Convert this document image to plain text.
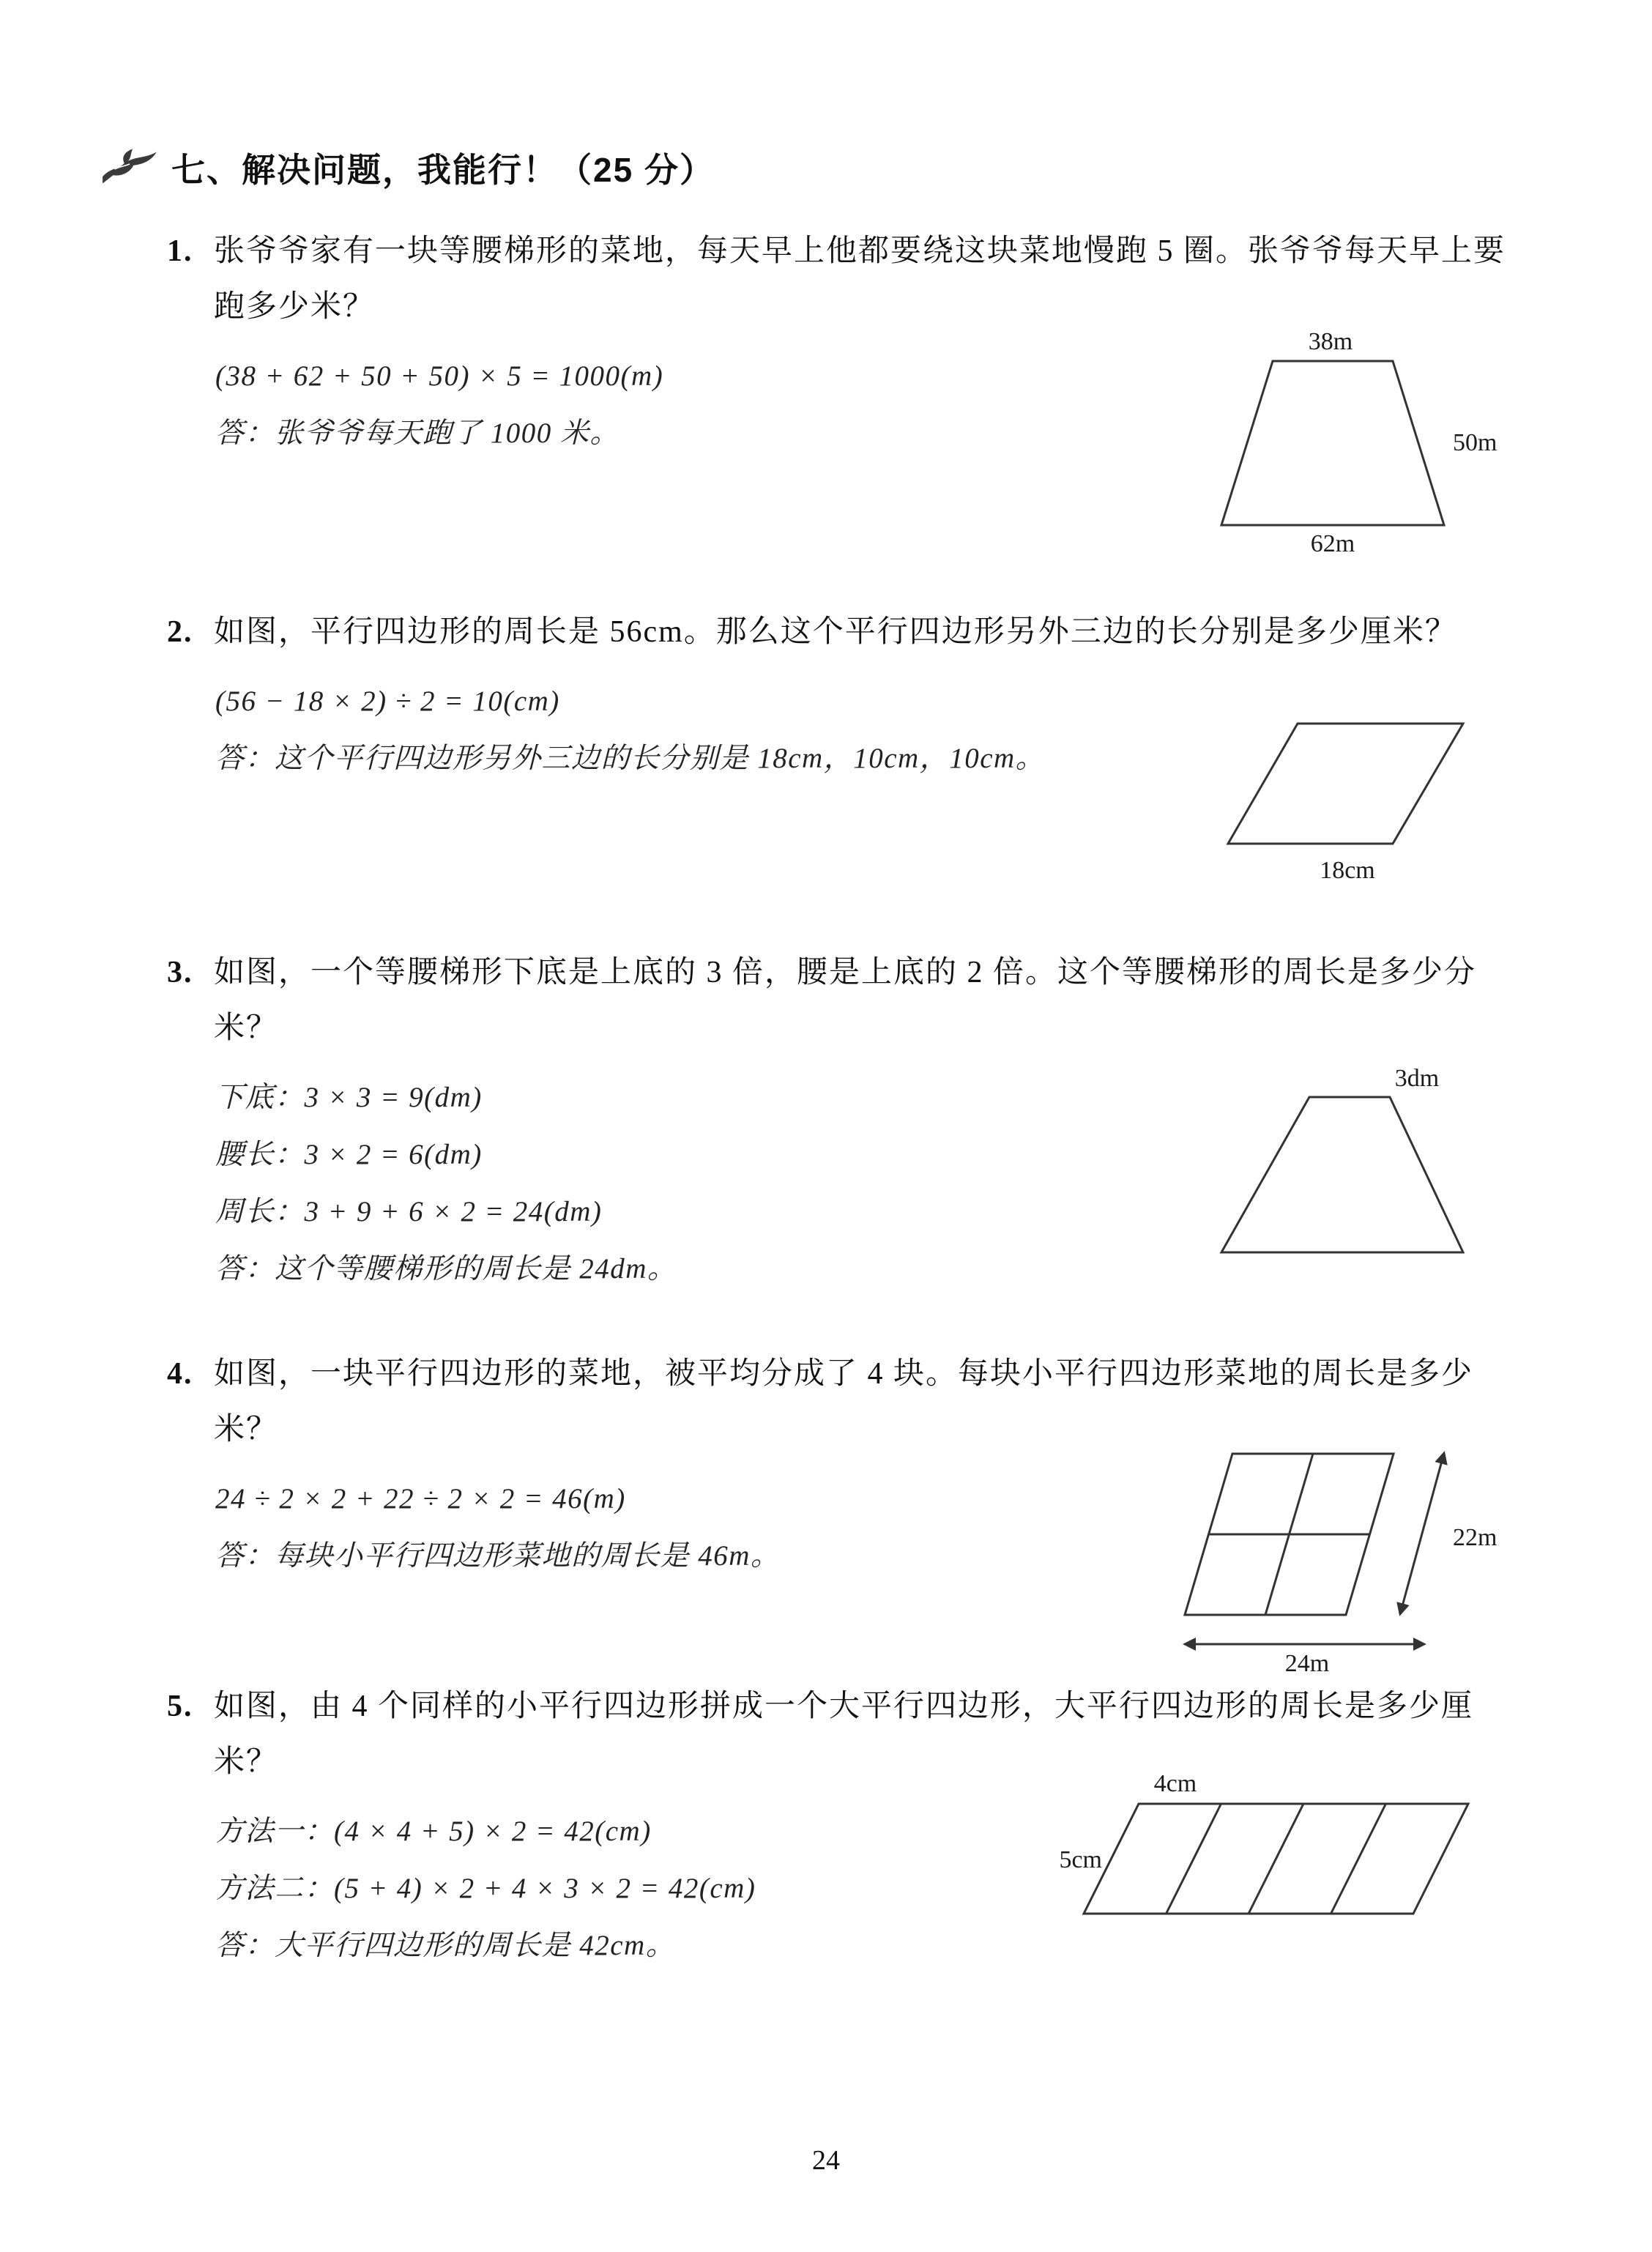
七、解决问题，我能行！（25 分）
1. 张爷爷家有一块等腰梯形的菜地，每天早上他都要绕这块菜地慢跑 5 圈。张爷爷每天早上要跑多少米？
(38 + 62 + 50 + 50) × 5 = 1000(m)
答：张爷爷每天跑了 1000 米。
38m
50m
62m
2. 如图，平行四边形的周长是 56cm。那么这个平行四边形另外三边的长分别是多少厘米？
(56 − 18 × 2) ÷ 2 = 10(cm)
答：这个平行四边形另外三边的长分别是 18cm，10cm，10cm。
18cm
3. 如图，一个等腰梯形下底是上底的 3 倍，腰是上底的 2 倍。这个等腰梯形的周长是多少分米？
下底：3 × 3 = 9(dm)
腰长：3 × 2 = 6(dm)
周长：3 + 9 + 6 × 2 = 24(dm)
答：这个等腰梯形的周长是 24dm。
3dm
4. 如图，一块平行四边形的菜地，被平均分成了 4 块。每块小平行四边形菜地的周长是多少米？
24 ÷ 2 × 2 + 22 ÷ 2 × 2 = 46(m)
答：每块小平行四边形菜地的周长是 46m。
22m
24m
5. 如图，由 4 个同样的小平行四边形拼成一个大平行四边形，大平行四边形的周长是多少厘米？
方法一：(4 × 4 + 5) × 2 = 42(cm)
方法二：(5 + 4) × 2 + 4 × 3 × 2 = 42(cm)
答：大平行四边形的周长是 42cm。
4cm
5cm
24
